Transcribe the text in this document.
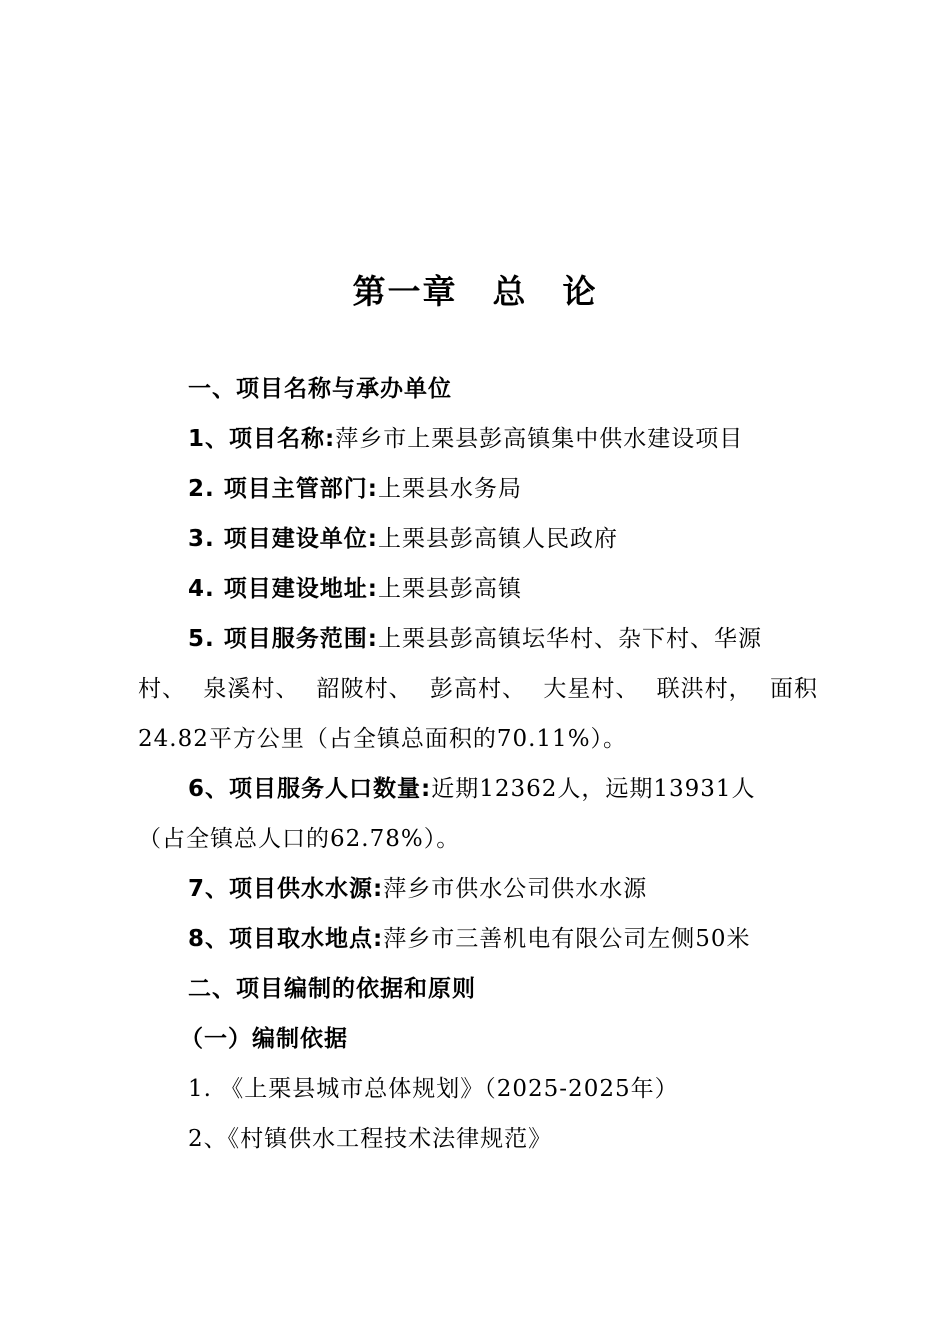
第一章　总　论
一、项目名称与承办单位
1、项目名称:萍乡市上栗县彭高镇集中供水建设项目
2. 项目主管部门:上栗县水务局
3. 项目建设单位:上栗县彭高镇人民政府
4. 项目建设地址:上栗县彭高镇
5. 项目服务范围:上栗县彭高镇坛华村、杂下村、华源
村、 泉溪村、 韶陂村、 彭高村、 大星村、 联洪村， 面积
24.82平方公里（占全镇总面积的70.11%）。
6、项目服务人口数量:近期12362人，远期13931人
（占全镇总人口的62.78%）。
7、项目供水水源:萍乡市供水公司供水水源
8、项目取水地点:萍乡市三善机电有限公司左侧50米
二、项目编制的依据和原则
（一）编制依据
1. 《上栗县城市总体规划》（2025-2025年）
2、《村镇供水工程技术法律规范》
